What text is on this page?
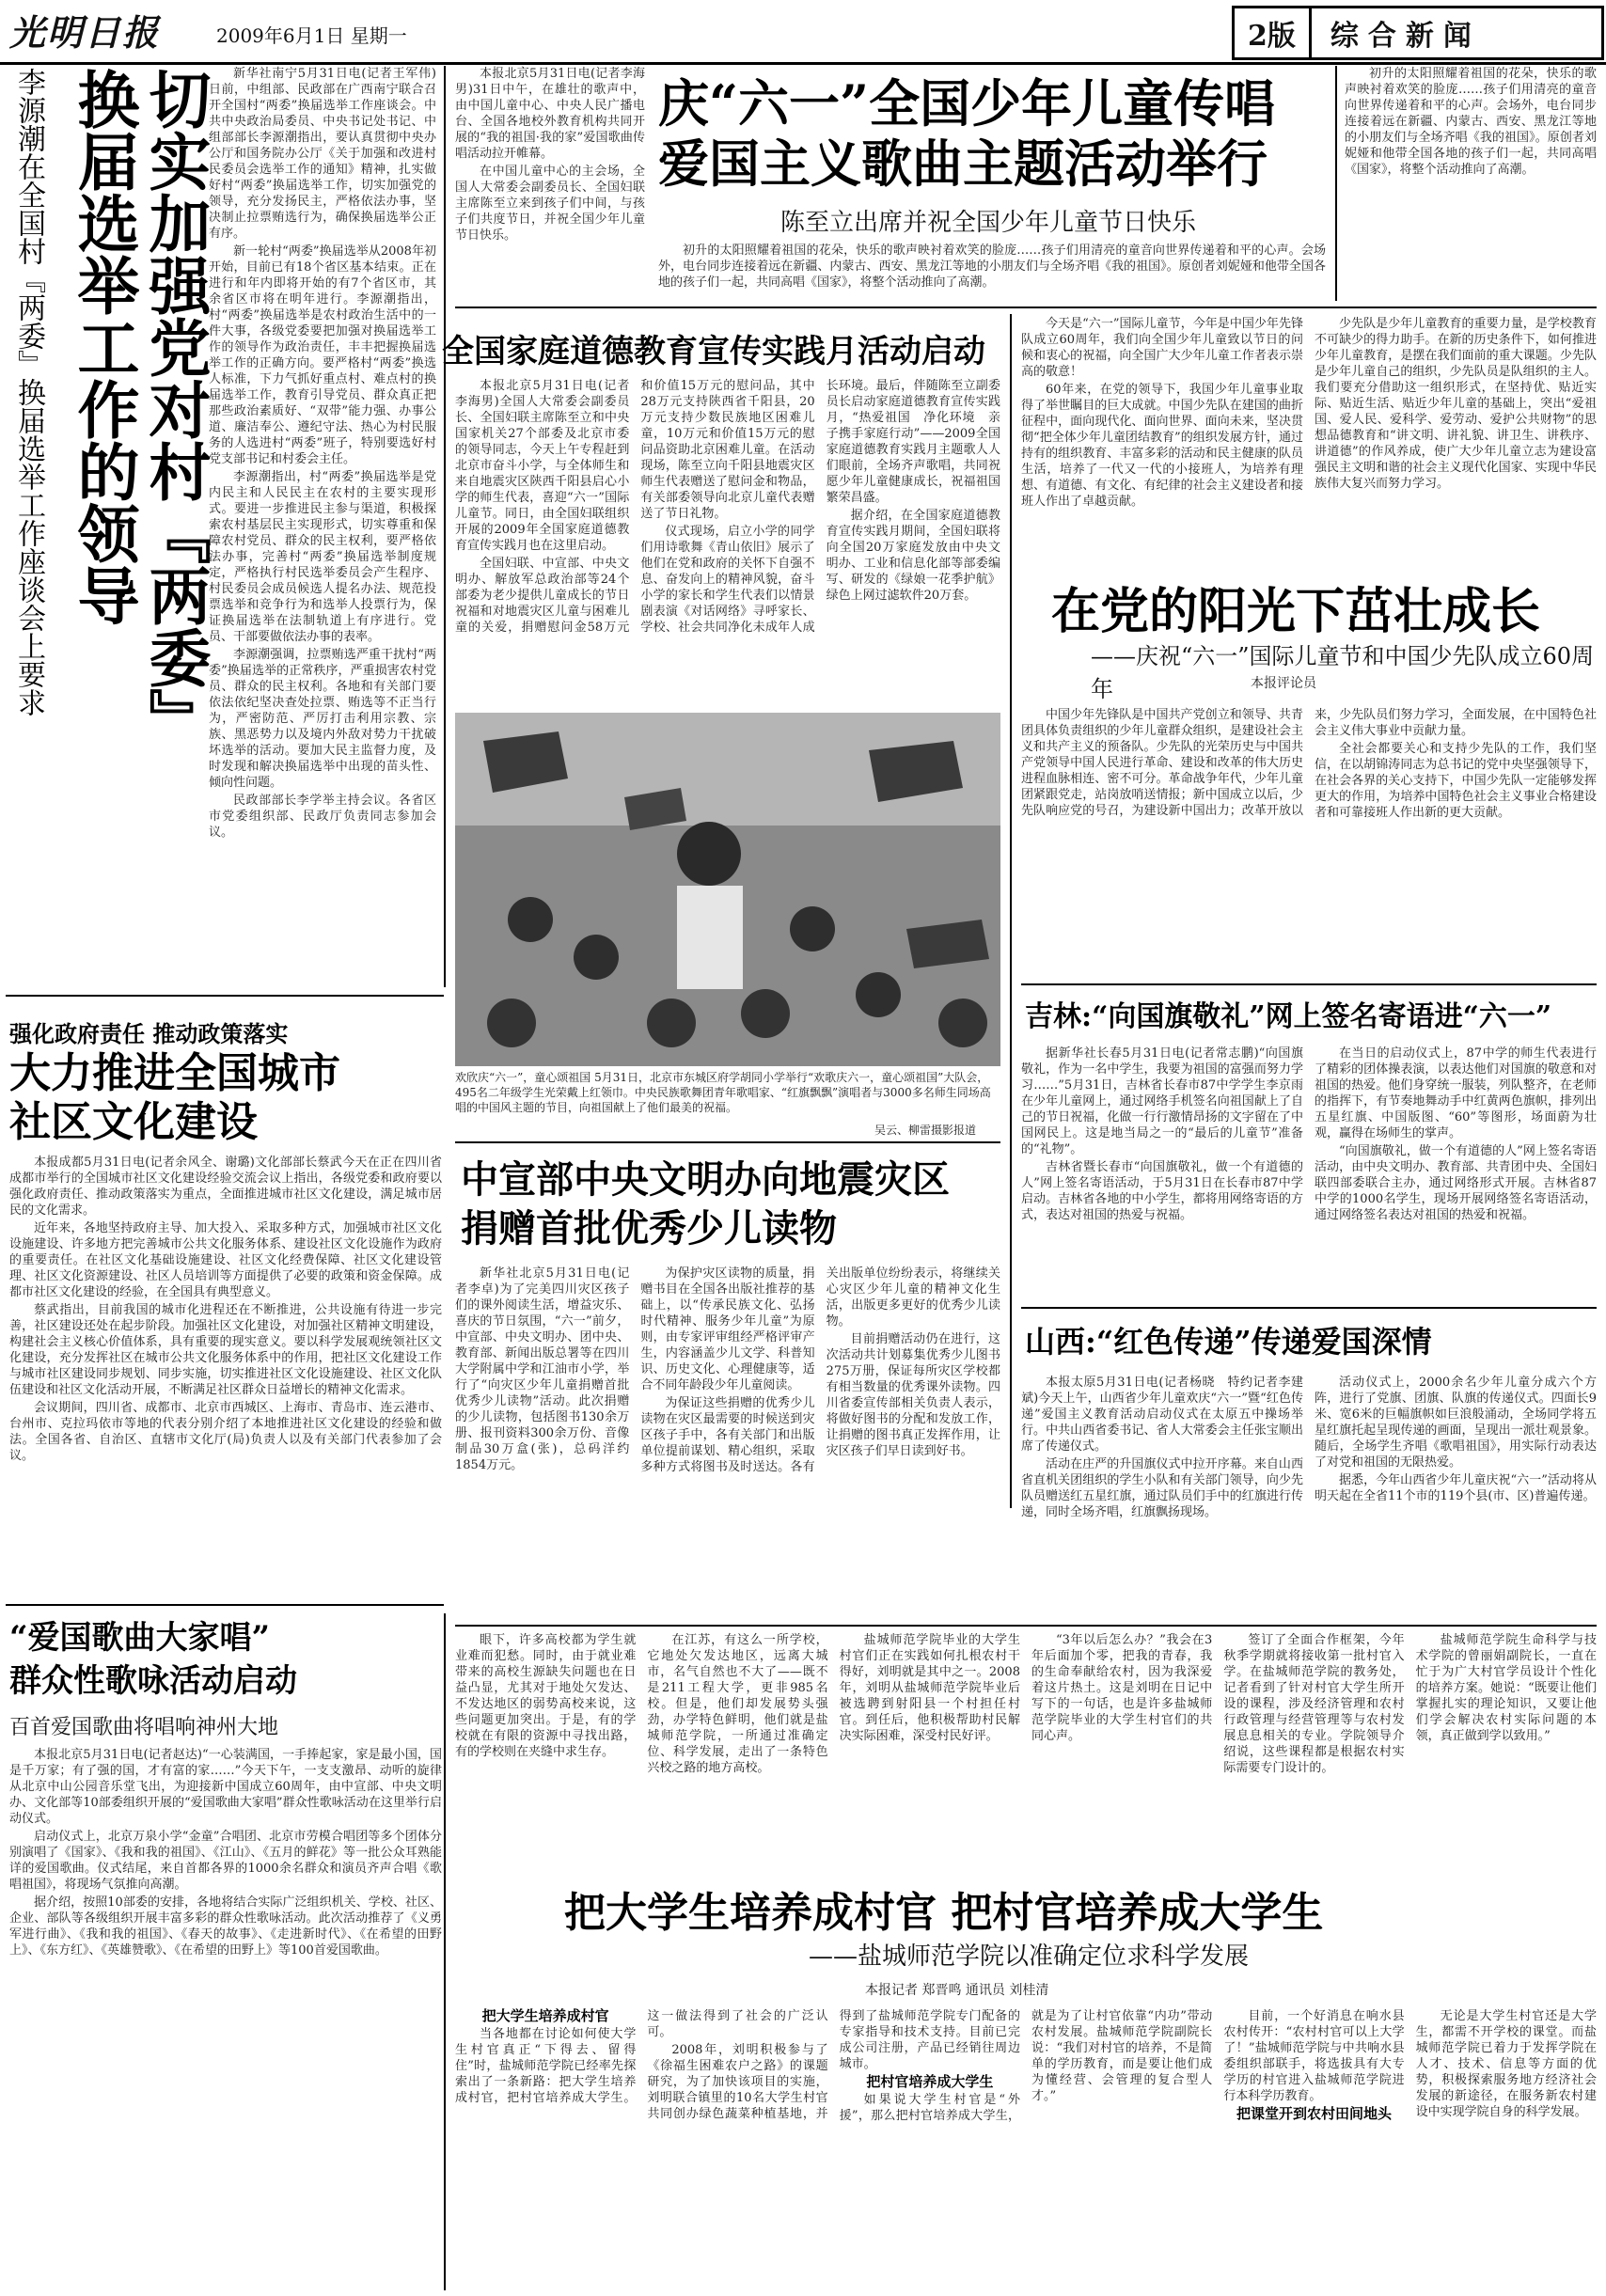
光明日报	2009年6月1日 星期一	2版	综合新闻
切实加强党对村『两委』
换届选举工作的领导
李源潮在全国村『两委』换届选举工作座谈会上要求	新华社南宁5月31日电(记者王军伟)日前，中组部、民政部在广西南宁联合召开全国村“两委”换届选举工作座谈会。中共中央政治局委员、中央书记处书记、中组部部长李源潮指出，要认真贯彻中央办公厅和国务院办公厅《关于加强和改进村民委员会选举工作的通知》精神，扎实做好村“两委”换届选举工作，切实加强党的领导，充分发扬民主，严格依法办事，坚决制止拉票贿选行为，确保换届选举公正有序。

新一轮村“两委”换届选举从2008年初开始，目前已有18个省区基本结束。正在进行和年内即将开始的有7个省区市，其余省区市将在明年进行。李源潮指出，村“两委”换届选举是农村政治生活中的一件大事，各级党委要把加强对换届选举工作的领导作为政治责任，丰丰把握换届选举工作的正确方向。要严格村“两委”换选人标准，下力气抓好重点村、难点村的换届选举工作，教育引导党员、群众真正把那些政治素质好、“双带”能力强、办事公道、廉洁奉公、遵纪守法、热心为村民服务的人选进村“两委”班子，特别要选好村党支部书记和村委会主任。

李源潮指出，村“两委”换届选举是党内民主和人民民主在农村的主要实现形式。要进一步推进民主参与渠道，积极探索农村基层民主实现形式，切实尊重和保障农村党员、群众的民主权利，要严格依法办事，完善村“两委”换届选举制度规定，严格执行村民选举委员会产生程序、村民委员会成员候选人提名办法、规范投票选举和竞争行为和选举人投票行为，保证换届选举在法制轨道上有序进行。党员、干部要做依法办事的表率。

李源潮强调，拉票贿选严重干扰村“两委”换届选举的正常秩序，严重损害农村党员、群众的民主权利。各地和有关部门要依法依纪坚决查处拉票、贿选等不正当行为，严密防范、严厉打击利用宗教、宗族、黑恶势力以及境内外敌对势力干扰破坏选举的活动。要加大民主监督力度，及时发现和解决换届选举中出现的苗头性、倾向性问题。

民政部部长李学举主持会议。各省区市党委组织部、民政厅负责同志参加会议。

本报北京5月31日电(记者李海男)31日中午，在雄壮的歌声中，由中国儿童中心、中央人民广播电台、全国各地校外教育机构共同开展的“我的祖国·我的家”爱国歌曲传唱活动拉开帷幕。

在中国儿童中心的主会场，全国人大常委会副委员长、全国妇联主席陈至立来到孩子们中间，与孩子们共度节日，并祝全国少年儿童节日快乐。

庆“六一”全国少年儿童传唱
爱国主义歌曲主题活动举行
陈至立出席并祝全国少年儿童节日快乐

初升的太阳照耀着祖国的花朵，快乐的歌声映衬着欢笑的脸庞……孩子们用清亮的童音向世界传递着和平的心声。会场外，电台同步连接着远在新疆、内蒙古、西安、黑龙江等地的小朋友们与全场齐唱《我的祖国》。原创者刘妮娅和他带全国各地的孩子们一起，共同高唱《国家》，将整个活动推向了高潮。

初升的太阳照耀着祖国的花朵，快乐的歌声映衬着欢笑的脸庞……孩子们用清亮的童音向世界传递着和平的心声。会场外，电台同步连接着远在新疆、内蒙古、西安、黑龙江等地的小朋友们与全场齐唱《我的祖国》。原创者刘妮娅和他带全国各地的孩子们一起，共同高唱《国家》，将整个活动推向了高潮。

全国家庭道德教育宣传实践月活动启动

本报北京5月31日电(记者李海男)全国人大常委会副委员长、全国妇联主席陈至立和中央国家机关27个部委及北京市委的领导同志，今天上午专程赶到北京市奋斗小学，与全体师生和来自地震灾区陕西千阳县启心小学的师生代表，喜迎“六一”国际儿童节。同日，由全国妇联组织开展的2009年全国家庭道德教育宣传实践月也在这里启动。

全国妇联、中宣部、中央文明办、解放军总政治部等24个部委为老少提供儿童成长的节日祝福和对地震灾区儿童与困难儿童的关爱，捐赠慰问金58万元和价值15万元的慰问品，其中28万元支持陕西省千阳县，20万元支持少数民族地区困难儿童，10万元和价值15万元的慰问品资助北京困难儿童。在活动现场，陈至立向千阳县地震灾区师生代表赠送了慰问金和物品，有关部委领导向北京儿童代表赠送了节日礼物。

仪式现场，启立小学的同学们用诗歌舞《青山依旧》展示了他们在党和政府的关怀下自强不息、奋发向上的精神风貌，奋斗小学的家长和学生代表们以情景剧表演《对话网络》寻呼家长、学校、社会共同净化未成年人成长环境。最后，伴随陈至立副委员长启动家庭道德教育宣传实践月，“热爱祖国　净化环境　亲子携手家庭行动”——2009全国家庭道德教育实践月主题歌人人们眼前，全场齐声歌唱，共同祝愿少年儿童健康成长，祝福祖国繁荣昌盛。

据介绍，在全国家庭道德教育宣传实践月期间，全国妇联将向全国20万家庭发放由中央文明办、工业和信息化部等部委编写、研发的《绿娘一花季护航》绿色上网过滤软件20万套。

欢欣庆“六一”，童心颂祖国 5月31日，北京市东城区府学胡同小学举行“欢歌庆六一，童心颂祖国”大队会，495名二年级学生光荣戴上红领巾。中央民族歌舞团青年歌唱家、“红旗飘飘”演唱者与3000多名师生同场高唱的中国风主题的节目，向祖国献上了他们最美的祝福。
吴云、柳雷摄影报道

今天是“六一”国际儿童节，今年是中国少年先锋队成立60周年，我们向全国少年儿童致以节日的问候和衷心的祝福，向全国广大少年儿童工作者表示崇高的敬意！

60年来，在党的领导下，我国少年儿童事业取得了举世瞩目的巨大成就。中国少先队在建国的曲折征程中，面向现代化、面向世界、面向未来，坚决贯彻“把全体少年儿童团结教育”的组织发展方针，通过持有的组织教育、丰富多彩的活动和民主健康的队员生活，培养了一代又一代的小接班人，为培养有理想、有道德、有文化、有纪律的社会主义建设者和接班人作出了卓越贡献。

少先队是少年儿童教育的重要力量，是学校教育不可缺少的得力助手。在新的历史条件下，如何推进少年儿童教育，是摆在我们面前的重大课题。少先队是少年儿童自己的组织，少先队员是队组织的主人。我们要充分借助这一组织形式，在坚持优、贴近实际、贴近生活、贴近少年儿童的基础上，突出“爱祖国、爱人民、爱科学、爱劳动、爱护公共财物”的思想品德教育和“讲文明、讲礼貌、讲卫生、讲秩序、讲道德”的作风养成，使广大少年儿童立志为建设富强民主文明和谐的社会主义现代化国家、实现中华民族伟大复兴而努力学习。

在党的阳光下茁壮成长
——庆祝“六一”国际儿童节和中国少先队成立60周年	本报评论员

中国少年先锋队是中国共产党创立和领导、共青团具体负责组织的少年儿童群众组织，是建设社会主义和共产主义的预备队。少先队的光荣历史与中国共产党领导中国人民进行革命、建设和改革的伟大历史进程血脉相连、密不可分。革命战争年代，少年儿童团紧跟党走，站岗放哨送情报；新中国成立以后，少先队响应党的号召，为建设新中国出力；改革开放以来，少先队员们努力学习，全面发展，在中国特色社会主义伟大事业中贡献力量。

全社会都要关心和支持少先队的工作，我们坚信，在以胡锦涛同志为总书记的党中央坚强领导下，在社会各界的关心支持下，中国少先队一定能够发挥更大的作用，为培养中国特色社会主义事业合格建设者和可靠接班人作出新的更大贡献。

吉林:“向国旗敬礼”网上签名寄语进“六一”

据新华社长春5月31日电(记者常志鹏)“向国旗敬礼，作为一名中学生，我要为祖国的富强而努力学习……”5月31日，吉林省长春市87中学学生李京雨在少年儿童网上，通过网络手机签名向祖国献上了自己的节日祝福，化做一行行激情昂扬的文字留在了中国网民上。这是地当局之一的“最后的儿童节”准备的“礼物”。

吉林省暨长春市“向国旗敬礼，做一个有道德的人”网上签名寄语活动，于5月31日在长春市87中学启动。吉林省各地的中小学生，都将用网络寄语的方式，表达对祖国的热爱与祝福。

在当日的启动仪式上，87中学的师生代表进行了精彩的团体操表演，以表达他们对国旗的敬意和对祖国的热爱。他们身穿统一服装，列队整齐，在老师的指挥下，有节奏地舞动手中红黄两色旗帜，排列出五星红旗、中国版图、“60”等图形，场面蔚为壮观，赢得在场师生的掌声。

“向国旗敬礼，做一个有道德的人”网上签名寄语活动，由中央文明办、教育部、共青团中央、全国妇联四部委联合主办，通过网络形式开展。吉林省87中学的1000名学生，现场开展网络签名寄语活动，通过网络签名表达对祖国的热爱和祝福。

山西:“红色传递”传递爱国深情

本报太原5月31日电(记者杨晓　特约记者李建斌)今天上午，山西省少年儿童欢庆“六一”暨“红色传递”爱国主义教育活动启动仪式在太原五中操场举行。中共山西省委书记、省人大常委会主任张宝顺出席了传递仪式。

活动在庄严的升国旗仪式中拉开序幕。来自山西省直机关团组织的学生小队和有关部门领导，向少先队员赠送红五星红旗，通过队员们手中的红旗进行传递，同时全场齐唱，红旗飘扬现场。

活动仪式上，2000余名少年儿童分成六个方阵，进行了党旗、团旗、队旗的传递仪式。四面长9米、宽6米的巨幅旗帜如巨浪般涌动，全场同学将五星红旗托起呈现传递的画面，呈现出一派壮观景象。随后，全场学生齐唱《歌唱祖国》，用实际行动表达了对党和祖国的无限热爱。

据悉，今年山西省少年儿童庆祝“六一”活动将从明天起在全省11个市的119个县(市、区)普遍传递。

强化政府责任 推动政策落实
大力推进全国城市
社区文化建设

本报成都5月31日电(记者余风全、谢璐)文化部部长蔡武今天在正在四川省成都市举行的全国城市社区文化建设经验交流会议上指出，各级党委和政府要以强化政府责任、推动政策落实为重点，全面推进城市社区文化建设，满足城市居民的文化需求。

近年来，各地坚持政府主导、加大投入、采取多种方式，加强城市社区文化设施建设、许多地方把完善城市公共文化服务体系、建设社区文化设施作为政府的重要责任。在社区文化基础设施建设、社区文化经费保障、社区文化建设管理、社区文化资源建设、社区人员培训等方面提供了必要的政策和资金保障。成都市社区文化建设的经验，在全国具有典型意义。

蔡武指出，目前我国的城市化进程还在不断推进，公共设施有待进一步完善，社区建设还处在起步阶段。加强社区文化建设，对加强社区精神文明建设，构建社会主义核心价值体系，具有重要的现实意义。要以科学发展观统领社区文化建设，充分发挥社区在城市公共文化服务体系中的作用，把社区文化建设工作与城市社区建设同步规划、同步实施，切实推进社区文化设施建设、社区文化队伍建设和社区文化活动开展，不断满足社区群众日益增长的精神文化需求。

会议期间，四川省、成都市、北京市西城区、上海市、青岛市、连云港市、台州市、克拉玛依市等地的代表分别介绍了本地推进社区文化建设的经验和做法。全国各省、自治区、直辖市文化厅(局)负责人以及有关部门代表参加了会议。

中宣部中央文明办向地震灾区
捐赠首批优秀少儿读物

新华社北京5月31日电(记者李卓)为了完美四川灾区孩子们的课外阅读生活，增益灾乐、喜庆的节日氛围，“六一”前夕，中宣部、中央文明办、团中央、教育部、新闻出版总署等在四川大学附属中学和江油市小学，举行了“向灾区少年儿童捐赠首批优秀少儿读物”活动。此次捐赠的少儿读物，包括图书130余万册、报刊资料300余万份、音像制品30万盒(张)，总码洋约1854万元。

为保护灾区读物的质量，捐赠书目在全国各出版社推荐的基础上，以“传承民族文化、弘扬时代精神、服务少年儿童”为原则，由专家评审组经严格评审产生，内容涵盖少儿文学、科普知识、历史文化、心理健康等，适合不同年龄段少年儿童阅读。

为保证这些捐赠的优秀少儿读物在灾区最需要的时候送到灾区孩子手中，各有关部门和出版单位提前谋划、精心组织，采取多种方式将图书及时送达。各有关出版单位纷纷表示，将继续关心灾区少年儿童的精神文化生活，出版更多更好的优秀少儿读物。

目前捐赠活动仍在进行，这次活动共计划募集优秀少儿图书275万册，保证每所灾区学校都有相当数量的优秀课外读物。四川省委宣传部相关负责人表示，将做好图书的分配和发放工作，让捐赠的图书真正发挥作用，让灾区孩子们早日读到好书。

“爱国歌曲大家唱”
群众性歌咏活动启动
百首爱国歌曲将唱响神州大地

本报北京5月31日电(记者赵达)“一心装满国，一手捧起家，家是最小国，国是千万家；有了强的国，才有富的家……”今天下午，一支支激昂、动听的旋律从北京中山公园音乐堂飞出，为迎接新中国成立60周年，由中宣部、中央文明办、文化部等10部委组织开展的“爱国歌曲大家唱”群众性歌咏活动在这里举行启动仪式。

启动仪式上，北京万泉小学“金童”合唱团、北京市劳模合唱团等多个团体分别演唱了《国家》、《我和我的祖国》、《江山》、《五月的鲜花》等一批公众耳熟能详的爱国歌曲。仪式结尾，来自首都各界的1000余名群众和演员齐声合唱《歌唱祖国》，将现场气氛推向高潮。

据介绍，按照10部委的安排，各地将结合实际广泛组织机关、学校、社区、企业、部队等各级组织开展丰富多彩的群众性歌咏活动。此次活动推荐了《义勇军进行曲》、《我和我的祖国》、《春天的故事》、《走进新时代》、《在希望的田野上》、《东方红》、《英雄赞歌》、《在希望的田野上》等100首爱国歌曲。

眼下，许多高校都为学生就业难而犯愁。同时，由于就业难带来的高校生源缺失问题也在日益凸显，尤其对于地处欠发达、不发达地区的弱势高校来说，这些问题更加突出。于是，有的学校就在有限的资源中寻找出路，有的学校则在夹缝中求生存。

在江苏，有这么一所学校，它地处欠发达地区，远离大城市，名气自然也不大了——既不是211工程大学，更非985名校。但是，他们却发展势头强劲，办学特色鲜明，他们就是盐城师范学院，一所通过准确定位、科学发展，走出了一条特色兴校之路的地方高校。

盐城师范学院毕业的大学生村官们正在实践如何扎根农村干得好，刘明就是其中之一。2008年，刘明从盐城师范学院毕业后被选聘到射阳县一个村担任村官。到任后，他积极帮助村民解决实际困难，深受村民好评。

“3年以后怎么办？”我会在3年后面加个零，把我的青春，我的生命奉献给农村，因为我深爱着这片热土。这是刘明在日记中写下的一句话，也是许多盐城师范学院毕业的大学生村官们的共同心声。

签订了全面合作框架，今年秋季学期就将接收第一批村官入学。在盐城师范学院的教务处，记者看到了针对村官大学生所开设的课程，涉及经济管理和农村行政管理与经营管理等与农村发展息息相关的专业。学院领导介绍说，这些课程都是根据农村实际需要专门设计的。

盐城师范学院生命科学与技术学院的曾丽娟副院长，一直在忙于为广大村官学员设计个性化的培养方案。她说：“既要让他们掌握扎实的理论知识，又要让他们学会解决农村实际问题的本领，真正做到学以致用。”

把大学生培养成村官 把村官培养成大学生
——盐城师范学院以准确定位求科学发展
本报记者 郑晋鸣 通讯员 刘桂清

把大学生培养成村官

当各地都在讨论如何使大学生村官真正“下得去、留得住”时，盐城师范学院已经率先探索出了一条新路：把大学生培养成村官，把村官培养成大学生。这一做法得到了社会的广泛认可。

2008年，刘明积极参与了《徐福生困难农户之路》的课题研究，为了加快该项目的实施，刘明联合镇里的10名大学生村官共同创办绿色蔬菜种植基地，并得到了盐城师范学院专门配备的专家指导和技术支持。目前已完成公司注册，产品已经销往周边城市。

把村官培养成大学生

如果说大学生村官是“外援”，那么把村官培养成大学生，就是为了让村官依靠“内功”带动农村发展。盐城师范学院副院长说：“我们对村官的培养，不是简单的学历教育，而是要让他们成为懂经营、会管理的复合型人才。”

目前，一个好消息在响水县农村传开：“农村村官可以上大学了！”盐城师范学院与中共响水县委组织部联手，将选拔具有大专学历的村官进入盐城师范学院进行本科学历教育。

把课堂开到农村田间地头

无论是大学生村官还是大学生，都需不开学校的课堂。而盐城师范学院已着力于发挥学院在人才、技术、信息等方面的优势，积极探索服务地方经济社会发展的新途径，在服务新农村建设中实现学院自身的科学发展。
